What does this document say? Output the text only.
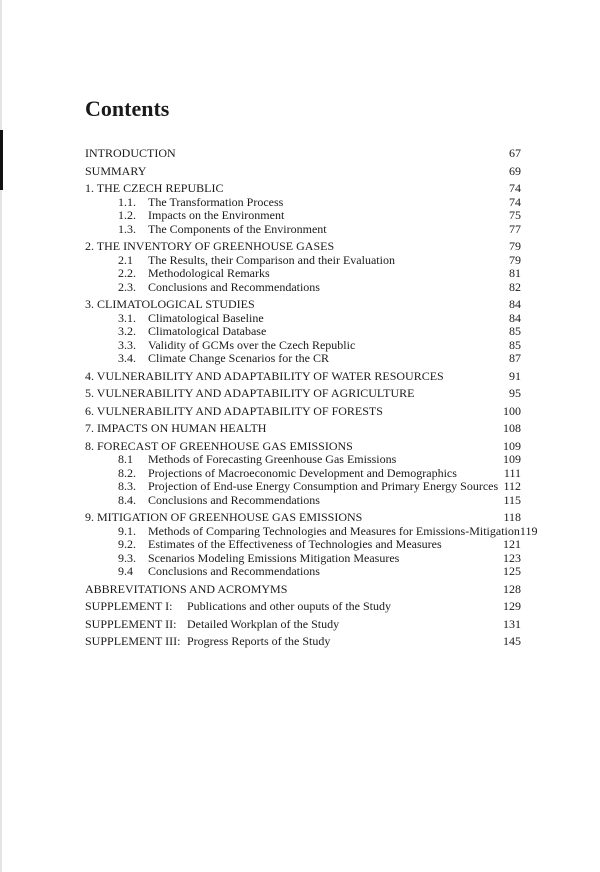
Contents
INTRODUCTION	67
SUMMARY	69
1. THE CZECH REPUBLIC	74
1.1. The Transformation Process	74
1.2. Impacts on the Environment	75
1.3. The Components of the Environment	77
2. THE INVENTORY OF GREENHOUSE GASES	79
2.1 The Results, their Comparison and their Evaluation	79
2.2. Methodological Remarks	81
2.3. Conclusions and Recommendations	82
3. CLIMATOLOGICAL STUDIES	84
3.1. Climatological Baseline	84
3.2. Climatological Database	85
3.3. Validity of GCMs over the Czech Republic	85
3.4. Climate Change Scenarios for the CR	87
4. VULNERABILITY AND ADAPTABILITY OF WATER RESOURCES	91
5. VULNERABILITY AND ADAPTABILITY OF AGRICULTURE	95
6. VULNERABILITY AND ADAPTABILITY OF FORESTS	100
7. IMPACTS ON HUMAN HEALTH	108
8. FORECAST OF GREENHOUSE GAS EMISSIONS	109
8.1 Methods of Forecasting Greenhouse Gas Emissions	109
8.2. Projections of Macroeconomic Development and Demographics	111
8.3. Projection of End-use Energy Consumption and Primary Energy Sources 112
8.4. Conclusions and Recommendations	115
9. MITIGATION OF GREENHOUSE GAS EMISSIONS	118
9.1. Methods of Comparing Technologies and Measures for Emissions-Mitigation 119
9.2. Estimates of the Effectiveness of Technologies and Measures	121
9.3. Scenarios Modeling Emissions Mitigation Measures	123
9.4 Conclusions and Recommendations	125
ABBREVITATIONS AND ACROMYMS	128
SUPPLEMENT I: Publications and other ouputs of the Study	129
SUPPLEMENT II: Detailed Workplan of the Study	131
SUPPLEMENT III: Progress Reports of the Study	145
